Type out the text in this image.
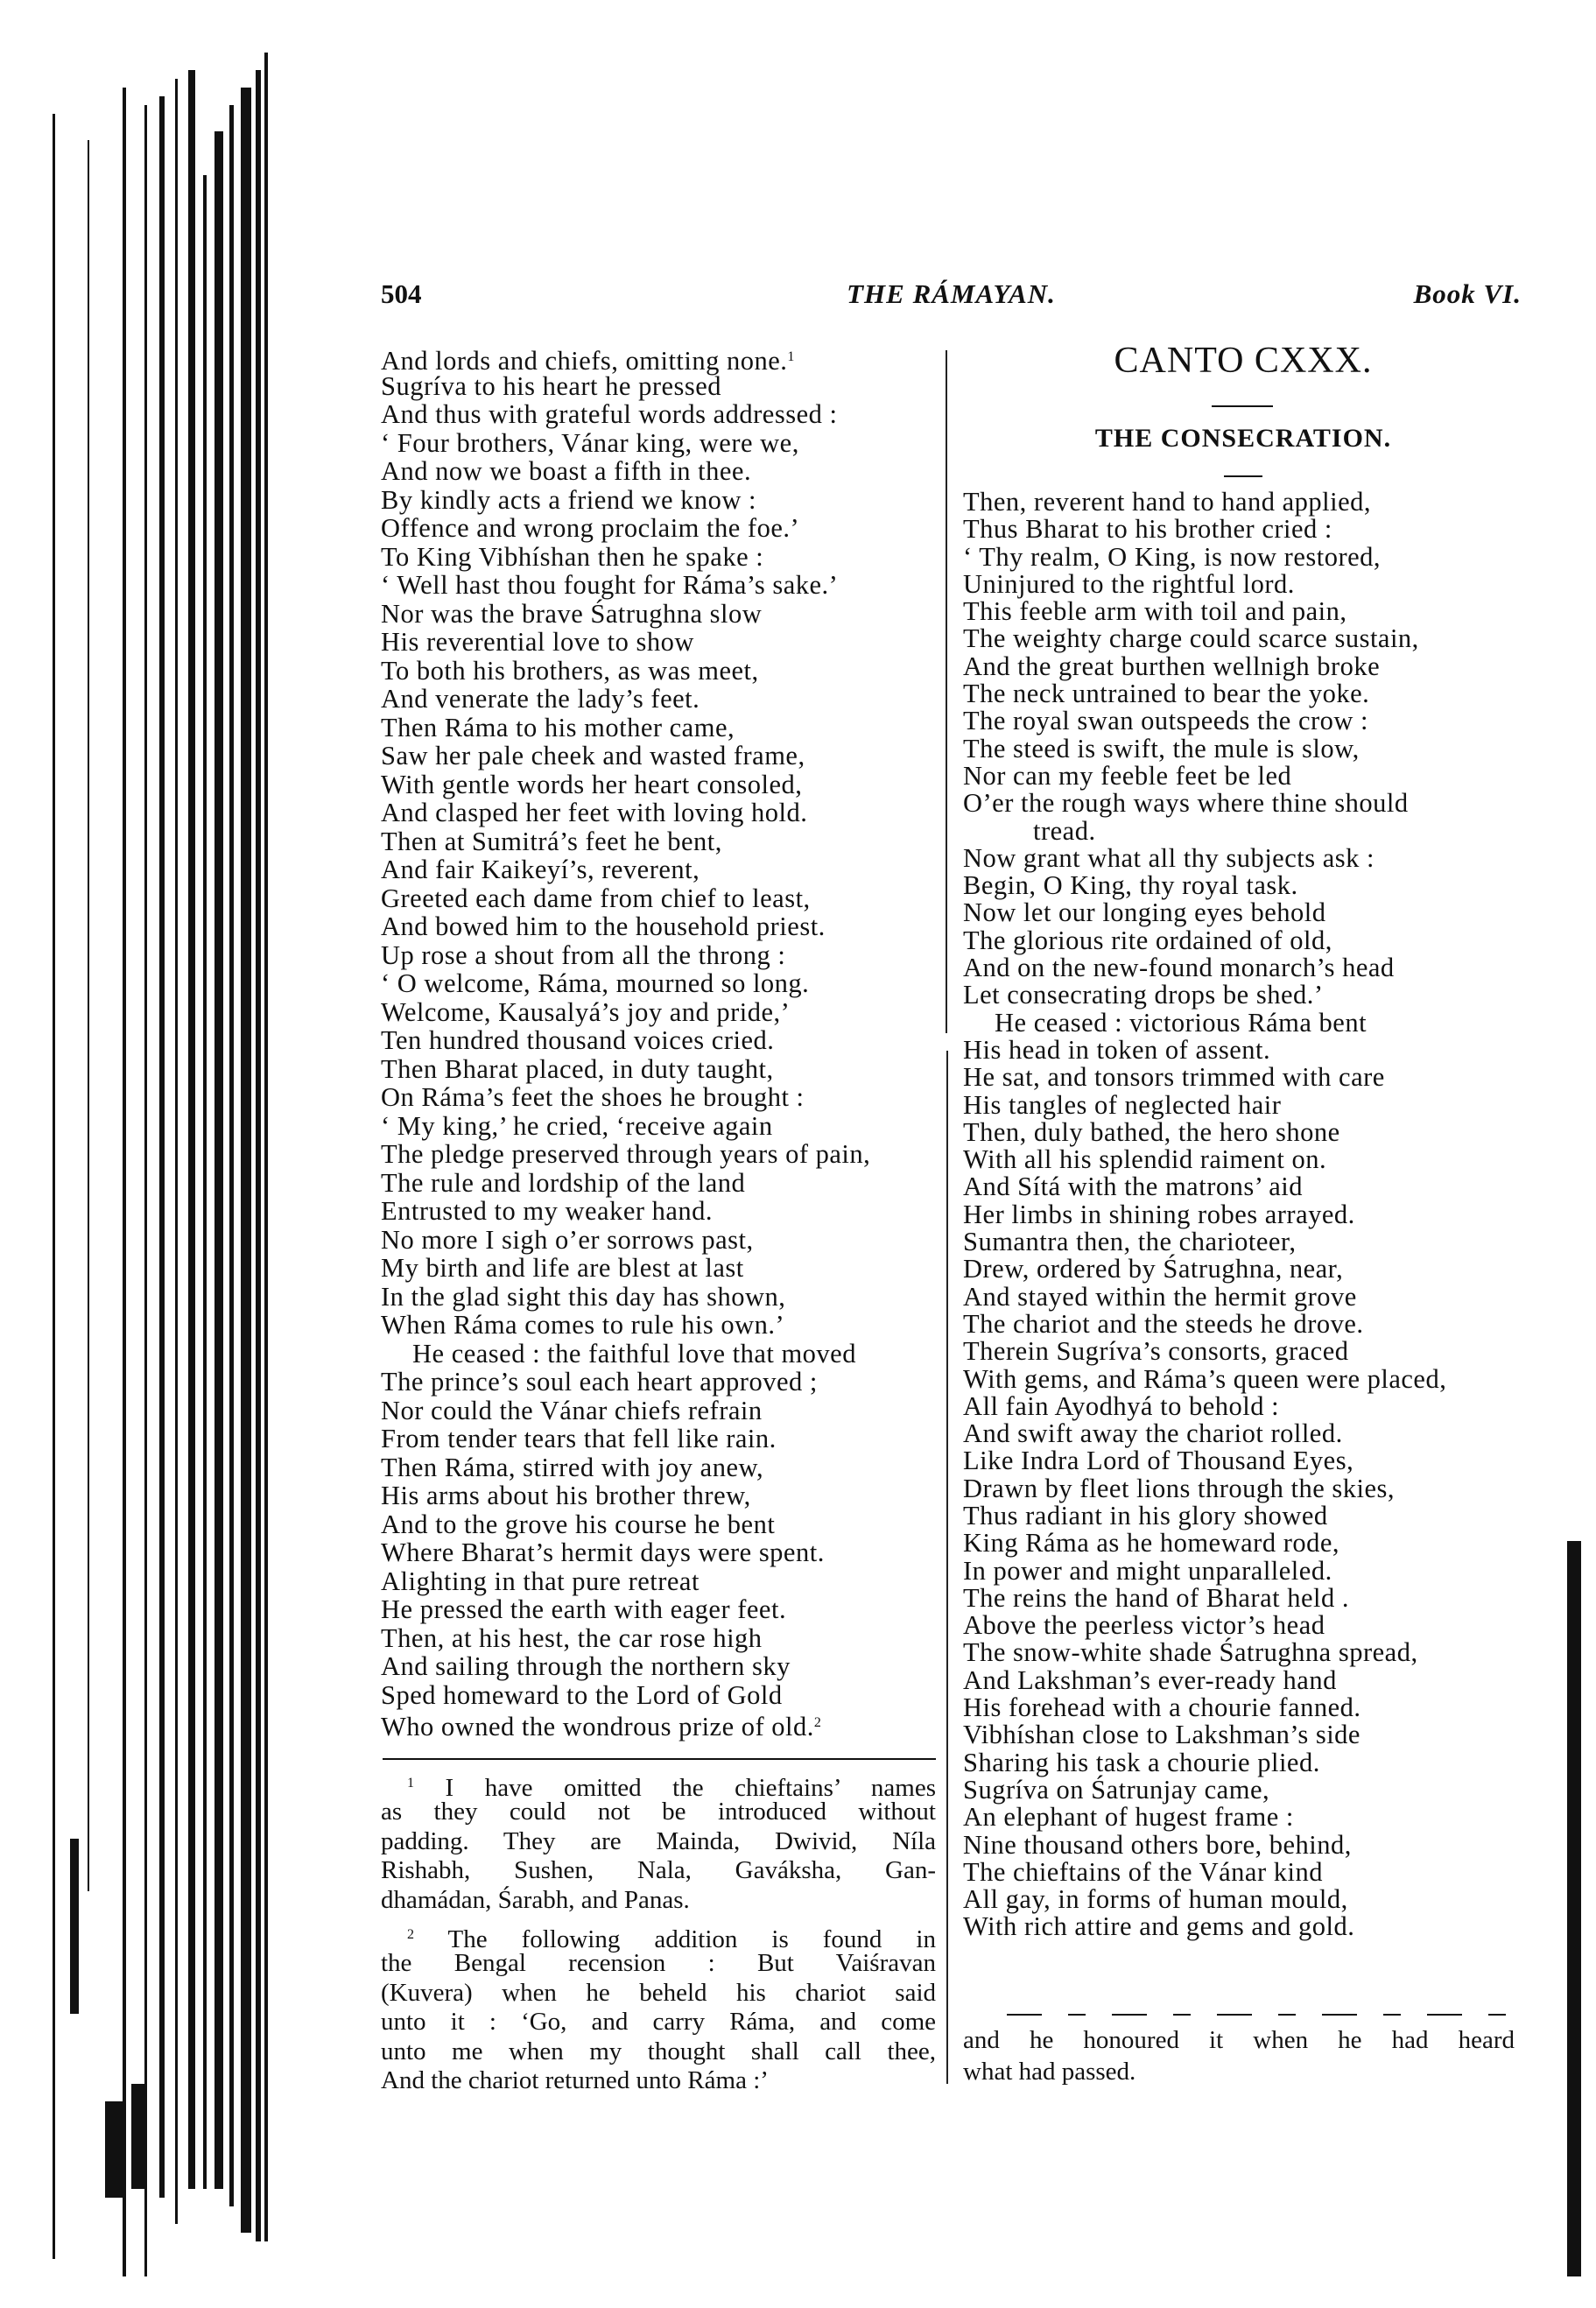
504	THE RÁMAYAN.	Book VI.
And lords and chiefs, omitting none.$^1$
Sugríva to his heart he pressed
And thus with grateful words addressed :
‘ Four brothers, Vánar king, were we,
And now we boast a fifth in thee.
By kindly acts a friend we know :
Offence and wrong proclaim the foe.’
To King Vibhíshan then he spake :
‘ Well hast thou fought for Ráma’s sake.’
Nor was the brave Śatrughna slow
His reverential love to show
To both his brothers, as was meet,
And venerate the lady’s feet.
Then Ráma to his mother came,
Saw her pale cheek and wasted frame,
With gentle words her heart consoled,
And clasped her feet with loving hold.
Then at Sumitrá’s feet he bent,
And fair Kaikeyí’s, reverent,
Greeted each dame from chief to least,
And bowed him to the household priest.
Up rose a shout from all the throng :
‘ O welcome, Ráma, mourned so long.
Welcome, Kausalyá’s joy and pride,’
Ten hundred thousand voices cried.
Then Bharat placed, in duty taught,
On Ráma’s feet the shoes he brought :
‘ My king,’ he cried, ‘receive again
The pledge preserved through years of pain,
The rule and lordship of the land
Entrusted to my weaker hand.
No more I sigh o’er sorrows past,
My birth and life are blest at last
In the glad sight this day has shown,
When Ráma comes to rule his own.’
He ceased : the faithful love that moved
The prince’s soul each heart approved ;
Nor could the Vánar chiefs refrain
From tender tears that fell like rain.
Then Ráma, stirred with joy anew,
His arms about his brother threw,
And to the grove his course he bent
Where Bharat’s hermit days were spent.
Alighting in that pure retreat
He pressed the earth with eager feet.
Then, at his hest, the car rose high
And sailing through the northern sky
Sped homeward to the Lord of Gold
Who owned the wondrous prize of old.$^2$
$^1$ I have omitted the chieftains’ names
as they could not be introduced without
padding. They are Mainda, Dwivid, Níla
Rishabh, Sushen, Nala, Gaváksha, Gan-
dhamádan, Śarabh, and Panas.
$^2$ The following addition is found in
the Bengal recension : But Vaiśravan
(Kuvera) when he beheld his chariot said
unto it : ‘Go, and carry Ráma, and come
unto me when my thought shall call thee,
And the chariot returned unto Ráma :’
CANTO CXXX.
THE CONSECRATION.
Then, reverent hand to hand applied,
Thus Bharat to his brother cried :
‘ Thy realm, O King, is now restored,
Uninjured to the rightful lord.
This feeble arm with toil and pain,
The weighty charge could scarce sustain,
And the great burthen wellnigh broke
The neck untrained to bear the yoke.
The royal swan outspeeds the crow :
The steed is swift, the mule is slow,
Nor can my feeble feet be led
O’er the rough ways where thine should
tread.
Now grant what all thy subjects ask :
Begin, O King, thy royal task.
Now let our longing eyes behold
The glorious rite ordained of old,
And on the new-found monarch’s head
Let consecrating drops be shed.’
He ceased : victorious Ráma bent
His head in token of assent.
He sat, and tonsors trimmed with care
His tangles of neglected hair
Then, duly bathed, the hero shone
With all his splendid raiment on.
And Sítá with the matrons’ aid
Her limbs in shining robes arrayed.
Sumantra then, the charioteer,
Drew, ordered by Śatrughna, near,
And stayed within the hermit grove
The chariot and the steeds he drove.
Therein Sugríva’s consorts, graced
With gems, and Ráma’s queen were placed,
All fain Ayodhyá to behold :
And swift away the chariot rolled.
Like Indra Lord of Thousand Eyes,
Drawn by fleet lions through the skies,
Thus radiant in his glory showed
King Ráma as he homeward rode,
In power and might unparalleled.
The reins the hand of Bharat held .
Above the peerless victor’s head
The snow-white shade Śatrughna spread,
And Lakshman’s ever-ready hand
His forehead with a chourie fanned.
Vibhíshan close to Lakshman’s side
Sharing his task a chourie plied.
Sugríva on Śatrunjay came,
An elephant of hugest frame :
Nine thousand others bore, behind,
The chieftains of the Vánar kind
All gay, in forms of human mould,
With rich attire and gems and gold.
and he honoured it when he had heard
what had passed.
